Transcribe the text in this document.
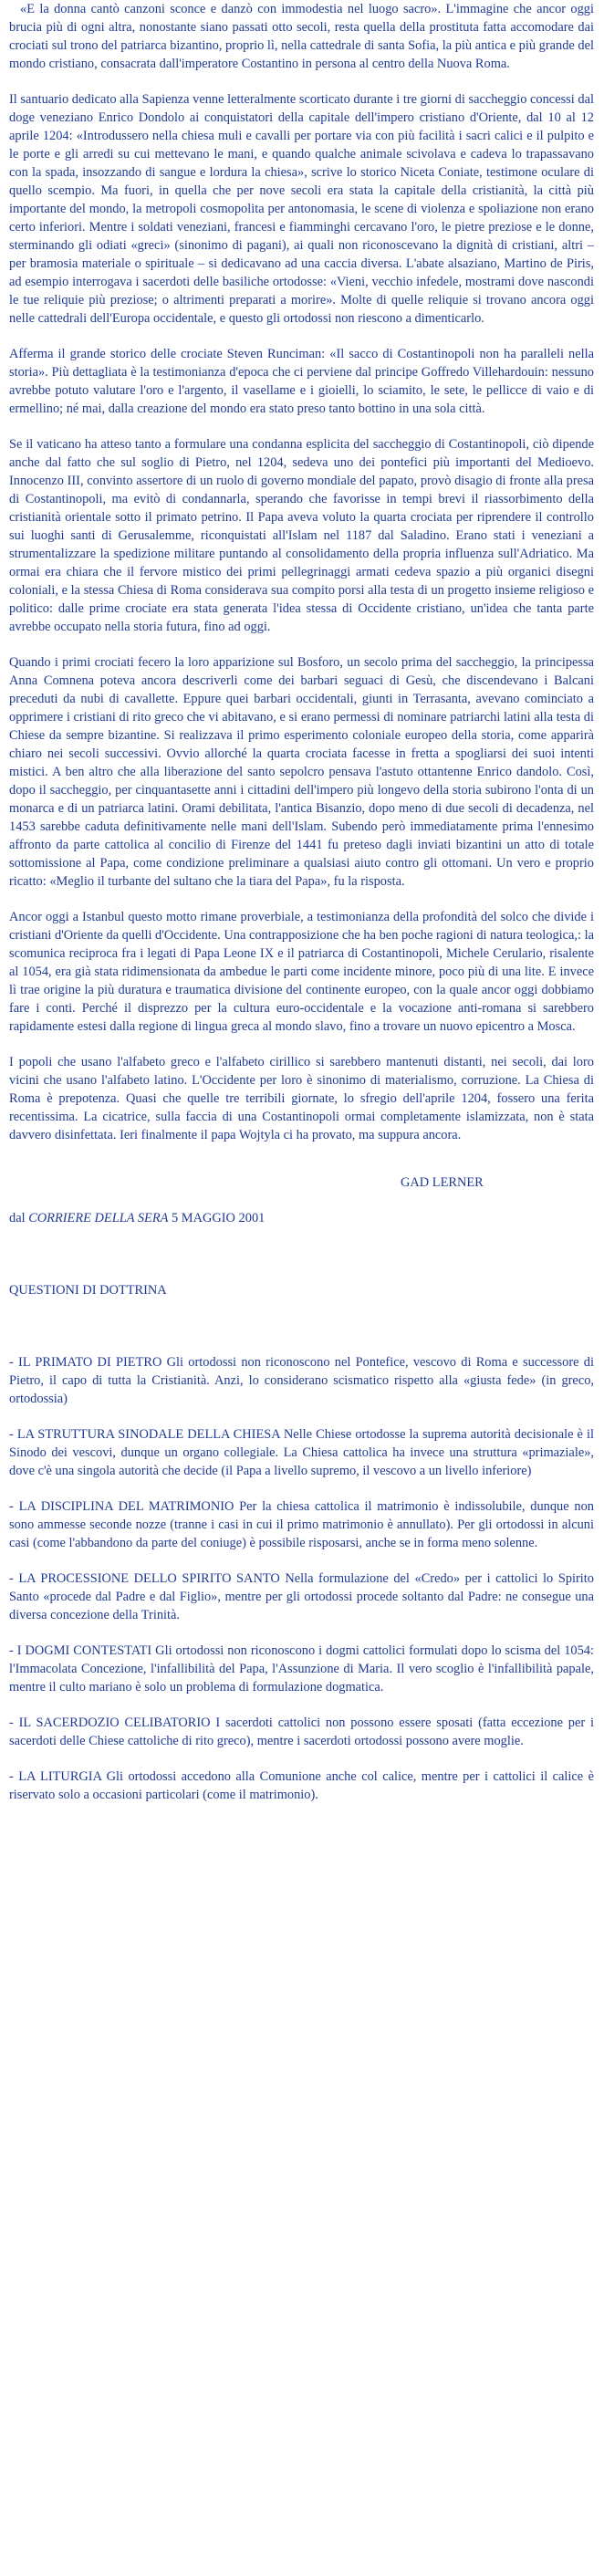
«E la donna cantò canzoni sconce e danzò con immodestia nel luogo sacro». L'immagine che ancor oggi brucia più di ogni altra, nonostante siano passati otto secoli, resta quella della prostituta fatta accomodare dai crociati sul trono del patriarca bizantino, proprio lì, nella cattedrale di santa Sofia, la più antica e più grande del mondo cristiano, consacrata dall'imperatore Costantino in persona al centro della Nuova Roma.

Il santuario dedicato alla Sapienza venne letteralmente scorticato durante i tre giorni di saccheggio concessi dal doge veneziano Enrico Dondolo ai conquistatori della capitale dell'impero cristiano d'Oriente, dal 10 al 12 aprile 1204: «Introdussero nella chiesa muli e cavalli per portare via con più facilità i sacri calici e il pulpito e le porte e gli arredi su cui mettevano le mani, e quando qualche animale scivolava e cadeva lo trapassavano con la spada, insozzando di sangue e lordura la chiesa», scrive lo storico Niceta Coniate, testimone oculare di quello scempio. Ma fuori, in quella che per nove secoli era stata la capitale della cristianità, la città più importante del mondo, la metropoli cosmopolita per antonomasia, le scene di violenza e spoliazione non erano certo inferiori. Mentre i soldati veneziani, francesi e fiamminghi cercavano l'oro, le pietre preziose e le donne, sterminando gli odiati «greci» (sinonimo di pagani), ai quali non riconoscevano la dignità di cristiani, altri – per bramosia materiale o spirituale – si dedicavano ad una caccia diversa. L'abate alsaziano, Martino de Piris, ad esempio interrogava i sacerdoti delle basiliche ortodosse: «Vieni, vecchio infedele, mostrami dove nascondi le tue reliquie più preziose; o altrimenti preparati a morire». Molte di quelle reliquie si trovano ancora oggi nelle cattedrali dell'Europa occidentale, e questo gli ortodossi non riescono a dimenticarlo.

Afferma il grande storico delle crociate Steven Runciman: «Il sacco di Costantinopoli non ha paralleli nella storia». Più dettagliata è la testimonianza d'epoca che ci perviene dal principe Goffredo Villehardouin: nessuno avrebbe potuto valutare l'oro e l'argento, il vasellame e i gioielli, lo sciamito, le sete, le pellicce di vaio e di ermellino; né mai, dalla creazione del mondo era stato preso tanto bottino in una sola città.

Se il vaticano ha atteso tanto a formulare una condanna esplicita del saccheggio di Costantinopoli, ciò dipende anche dal fatto che sul soglio di Pietro, nel 1204, sedeva uno dei pontefici più importanti del Medioevo. Innocenzo III, convinto assertore di un ruolo di governo mondiale del papato, provò disagio di fronte alla presa di Costantinopoli, ma evitò di condannarla, sperando che favorisse in tempi brevi il riassorbimento della cristianità orientale sotto il primato petrino. Il Papa aveva voluto la quarta crociata per riprendere il controllo sui luoghi santi di Gerusalemme, riconquistati all'Islam nel 1187 dal Saladino. Erano stati i veneziani a strumentalizzare la spedizione militare puntando al consolidamento della propria influenza sull'Adriatico. Ma ormai era chiara che il fervore mistico dei primi pellegrinaggi armati cedeva spazio a più organici disegni coloniali, e la stessa Chiesa di Roma considerava sua compito porsi alla testa di un progetto insieme religioso e politico: dalle prime crociate era stata generata l'idea stessa di Occidente cristiano, un'idea che tanta parte avrebbe occupato nella storia futura, fino ad oggi.

Quando i primi crociati fecero la loro apparizione sul Bosforo, un secolo prima del saccheggio, la principessa Anna Comnena poteva ancora descriverli come dei barbari seguaci di Gesù, che discendevano i Balcani preceduti da nubi di cavallette. Eppure quei barbari occidentali, giunti in Terrasanta, avevano cominciato a opprimere i cristiani di rito greco che vi abitavano, e si erano permessi di nominare patriarchi latini alla testa di Chiese da sempre bizantine. Si realizzava il primo esperimento coloniale europeo della storia, come apparirà chiaro nei secoli successivi. Ovvio allorché la quarta crociata facesse in fretta a spogliarsi dei suoi intenti mistici. A ben altro che alla liberazione del santo sepolcro pensava l'astuto ottantenne Enrico dandolo. Così, dopo il saccheggio, per cinquantasette anni i cittadini dell'impero più longevo della storia subirono l'onta di un monarca e di un patriarca latini. Orami debilitata, l'antica Bisanzio, dopo meno di due secoli di decadenza, nel 1453 sarebbe caduta definitivamente nelle mani dell'Islam. Subendo però immediatamente prima l'ennesimo affronto da parte cattolica al concilio di Firenze del 1441 fu preteso dagli inviati bizantini un atto di totale sottomissione al Papa, come condizione preliminare a qualsiasi aiuto contro gli ottomani. Un vero e proprio ricatto: «Meglio il turbante del sultano che la tiara del Papa», fu la risposta.

Ancor oggi a Istanbul questo motto rimane proverbiale, a testimonianza della profondità del solco che divide i cristiani d'Oriente da quelli d'Occidente. Una contrapposizione che ha ben poche ragioni di natura teologica,: la scomunica reciproca fra i legati di Papa Leone IX e il patriarca di Costantinopoli, Michele Cerulario, risalente al 1054, era già stata ridimensionata da ambedue le parti come incidente minore, poco più di una lite. E invece lì trae origine la più duratura e traumatica divisione del continente europeo, con la quale ancor oggi dobbiamo fare i conti. Perché il disprezzo per la cultura euro-occidentale e la vocazione anti-romana si sarebbero rapidamente estesi dalla regione di lingua greca al mondo slavo, fino a trovare un nuovo epicentro a Mosca.

I popoli che usano l'alfabeto greco e l'alfabeto cirillico si sarebbero mantenuti distanti, nei secoli, dai loro vicini che usano l'alfabeto latino. L'Occidente per loro è sinonimo di materialismo, corruzione. La Chiesa di Roma è prepotenza. Quasi che quelle tre terribili giornate, lo sfregio dell'aprile 1204, fossero una ferita recentissima. La cicatrice, sulla faccia di una Costantinopoli ormai completamente islamizzata, non è stata davvero disinfettata. Ieri finalmente il papa Wojtyla ci ha provato, ma suppura ancora.

GAD LERNER
dal CORRIERE DELLA SERA 5 MAGGIO 2001
QUESTIONI DI DOTTRINA

- IL PRIMATO DI PIETRO Gli ortodossi non riconoscono nel Pontefice, vescovo di Roma e successore di Pietro, il capo di tutta la Cristianità. Anzi, lo considerano scismatico rispetto alla «giusta fede» (in greco, ortodossia)

- LA STRUTTURA SINODALE DELLA CHIESA Nelle Chiese ortodosse la suprema autorità decisionale è il Sinodo dei vescovi, dunque un organo collegiale. La Chiesa cattolica ha invece una struttura «primaziale», dove c'è una singola autorità che decide (il Papa a livello supremo, il vescovo a un livello inferiore)

- LA DISCIPLINA DEL MATRIMONIO Per la chiesa cattolica il matrimonio è indissolubile, dunque non sono ammesse seconde nozze (tranne i casi in cui il primo matrimonio è annullato). Per gli ortodossi in alcuni casi (come l'abbandono da parte del coniuge) è possibile risposarsi, anche se in forma meno solenne.

- LA PROCESSIONE DELLO SPIRITO SANTO Nella formulazione del «Credo» per i cattolici lo Spirito Santo «procede dal Padre e dal Figlio», mentre per gli ortodossi procede soltanto dal Padre: ne consegue una diversa concezione della Trinità.

- I DOGMI CONTESTATI Gli ortodossi non riconoscono i dogmi cattolici formulati dopo lo scisma del 1054: l'Immacolata Concezione, l'infallibilità del Papa, l'Assunzione di Maria. Il vero scoglio è l'infallibilità papale, mentre il culto mariano è solo un problema di formulazione dogmatica.

- IL SACERDOZIO CELIBATORIO I sacerdoti cattolici non possono essere sposati (fatta eccezione per i sacerdoti delle Chiese cattoliche di rito greco), mentre i sacerdoti ortodossi possono avere moglie.

- LA LITURGIA Gli ortodossi accedono alla Comunione anche col calice, mentre per i cattolici il calice è riservato solo a occasioni particolari (come il matrimonio).
